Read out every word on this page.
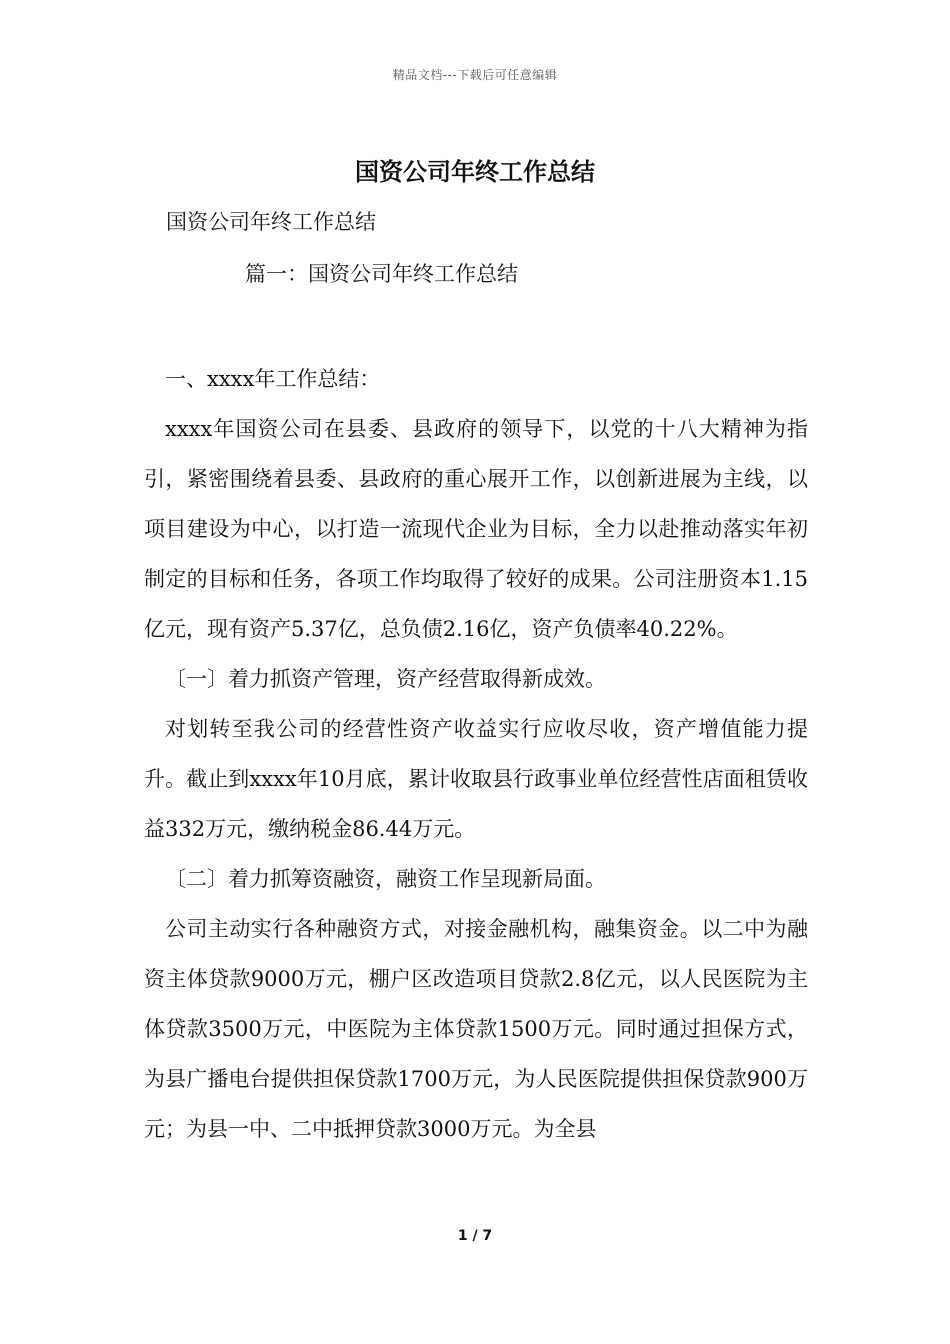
精品文档---下载后可任意编辑
国资公司年终工作总结
国资公司年终工作总结
篇一：国资公司年终工作总结

一、xxxx年工作总结：

xxxx年国资公司在县委、县政府的领导下，以党的十八大精神为指引，紧密围绕着县委、县政府的重心展开工作，以创新进展为主线，以项目建设为中心，以打造一流现代企业为目标，全力以赴推动落实年初制定的目标和任务，各项工作均取得了较好的成果。公司注册资本1.15亿元，现有资产5.37亿，总负债2.16亿，资产负债率40.22%。

〔一〕着力抓资产管理，资产经营取得新成效。

对划转至我公司的经营性资产收益实行应收尽收，资产增值能力提升。截止到xxxx年10月底，累计收取县行政事业单位经营性店面租赁收益332万元，缴纳税金86.44万元。

〔二〕着力抓筹资融资，融资工作呈现新局面。

公司主动实行各种融资方式，对接金融机构，融集资金。以二中为融资主体贷款9000万元，棚户区改造项目贷款2.8亿元，以人民医院为主体贷款3500万元，中医院为主体贷款1500万元。同时通过担保方式，为县广播电台提供担保贷款1700万元，为人民医院提供担保贷款900万元；为县一中、二中抵押贷款3000万元。为全县

1 / 7
